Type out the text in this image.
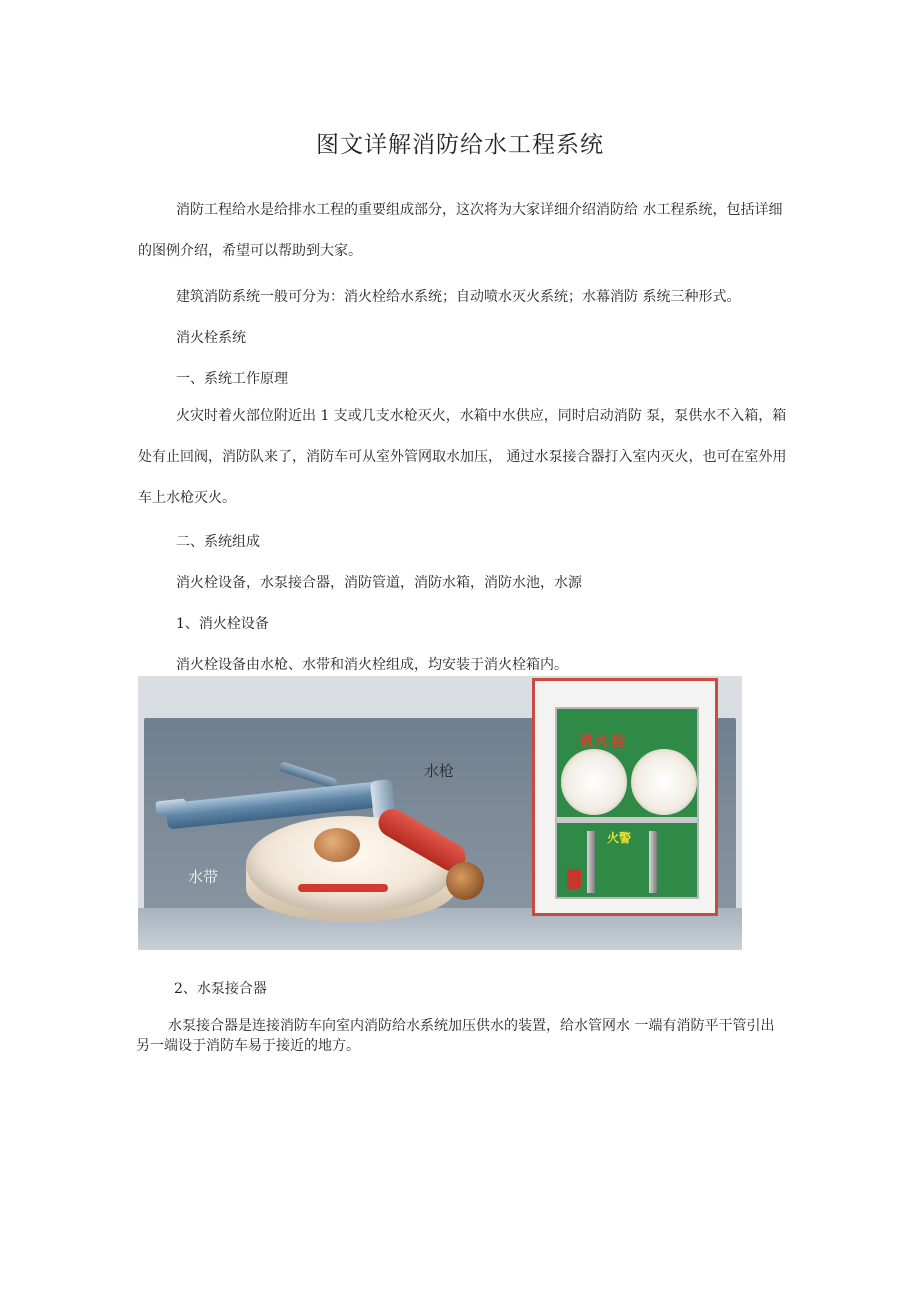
图文详解消防给水工程系统
消防工程给水是给排水工程的重要组成部分，这次将为大家详细介绍消防给 水工程系统，包括详细的图例介绍，希望可以帮助到大家。
建筑消防系统一般可分为：消火栓给水系统；自动喷水灭火系统；水幕消防 系统三种形式。
消火栓系统
一、系统工作原理
火灾时着火部位附近出 1 支或几支水枪灭火，水箱中水供应，同时启动消防 泵，泵供水不入箱，箱处有止回阀，消防队来了，消防车可从室外管网取水加压， 通过水泵接合器打入室内灭火，也可在室外用车上水枪灭火。
二、系统组成
消火栓设备，水泵接合器，消防管道，消防水箱，消防水池，水源
1、消火栓设备
消火栓设备由水枪、水带和消火栓组成，均安装于消火栓箱内。
水枪
水带
消火栓
火警
2、水泵接合器
水泵接合器是连接消防车向室内消防给水系统加压供水的装置，给水管网水 一端有消防平干管引出另一端设于消防车易于接近的地方。
